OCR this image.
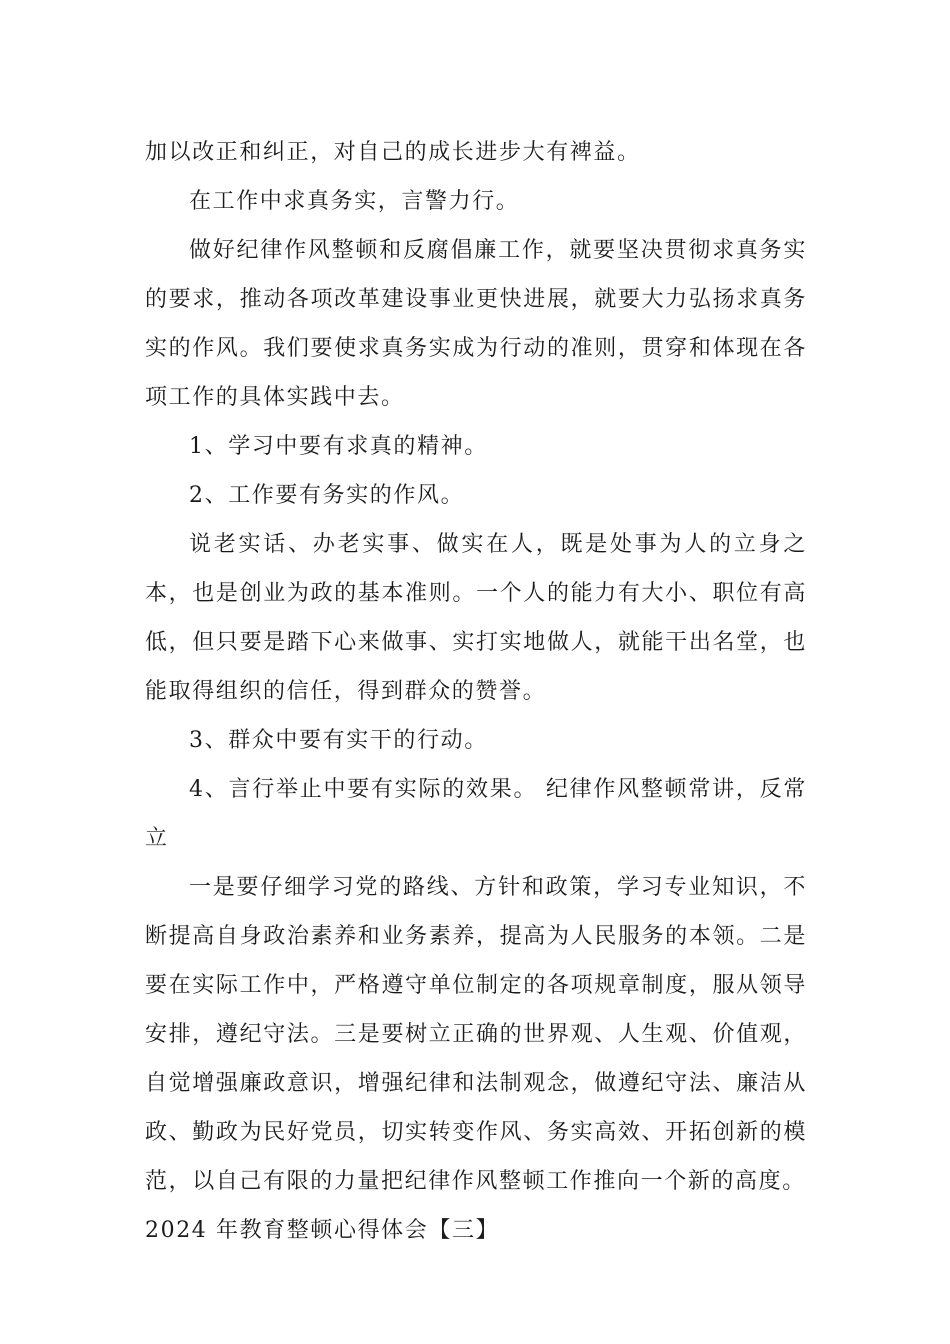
加以改正和纠正，对自己的成长进步大有裨益。

在工作中求真务实，言警力行。

做好纪律作风整顿和反腐倡廉工作，就要坚决贯彻求真务实的要求，推动各项改革建设事业更快进展，就要大力弘扬求真务实的作风。我们要使求真务实成为行动的准则，贯穿和体现在各项工作的具体实践中去。

1、学习中要有求真的精神。

2、工作要有务实的作风。

说老实话、办老实事、做实在人，既是处事为人的立身之本，也是创业为政的基本准则。一个人的能力有大小、职位有高低，但只要是踏下心来做事、实打实地做人，就能干出名堂，也能取得组织的信任，得到群众的赞誉。

3、群众中要有实干的行动。

4、言行举止中要有实际的效果。 纪律作风整顿常讲，反常立

一是要仔细学习党的路线、方针和政策，学习专业知识，不断提高自身政治素养和业务素养，提高为人民服务的本领。二是要在实际工作中，严格遵守单位制定的各项规章制度，服从领导安排，遵纪守法。三是要树立正确的世界观、人生观、价值观，自觉增强廉政意识，增强纪律和法制观念，做遵纪守法、廉洁从政、勤政为民好党员，切实转变作风、务实高效、开拓创新的模范，以自己有限的力量把纪律作风整顿工作推向一个新的高度。

2024 年教育整顿心得体会【三】
